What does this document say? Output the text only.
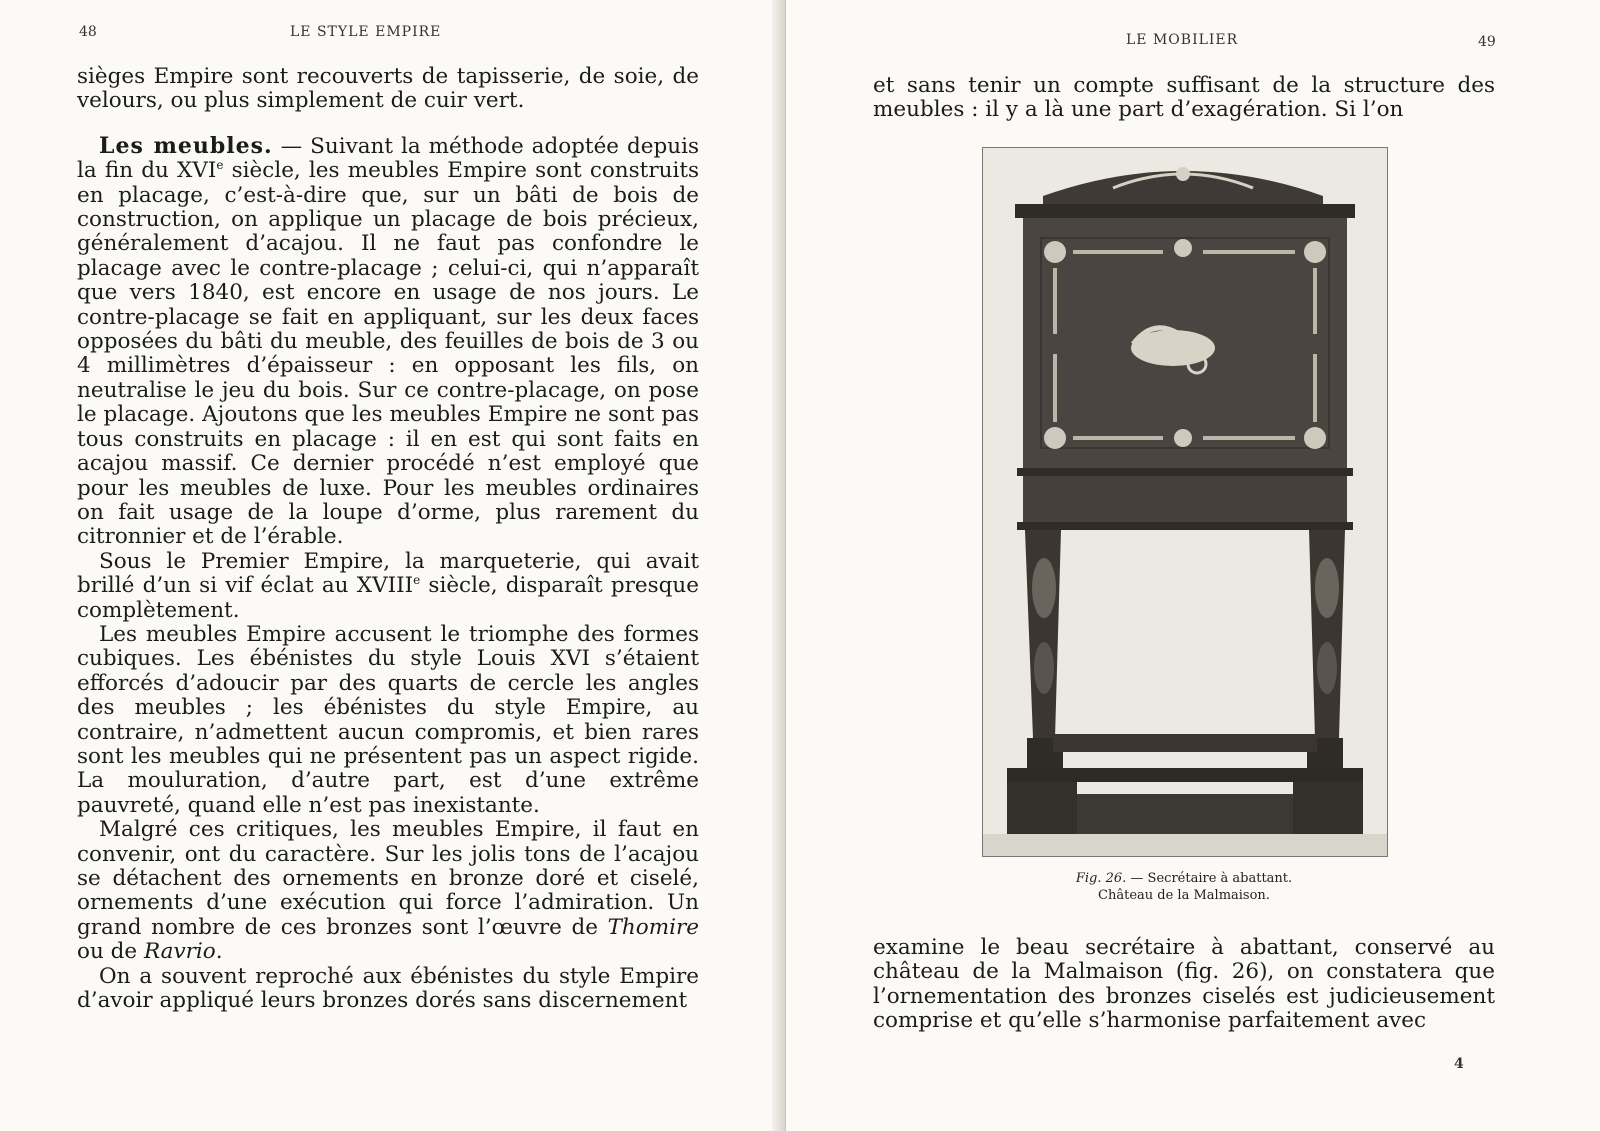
48	LE STYLE EMPIRE

sièges Empire sont recouverts de tapisserie, de soie, de velours, ou plus simplement de cuir vert.

Les meubles. — Suivant la méthode adoptée depuis la fin du XVIe siècle, les meubles Empire sont construits en placage, c’est-à-dire que, sur un bâti de bois de construction, on applique un placage de bois précieux, généralement d’acajou. Il ne faut pas confondre le placage avec le contre-placage ; celui-ci, qui n’apparaît que vers 1840, est encore en usage de nos jours. Le contre-placage se fait en appliquant, sur les deux faces opposées du bâti du meuble, des feuilles de bois de 3 ou 4 millimètres d’épaisseur : en opposant les fils, on neutralise le jeu du bois. Sur ce contre-placage, on pose le placage. Ajoutons que les meubles Empire ne sont pas tous construits en placage : il en est qui sont faits en acajou massif. Ce dernier procédé n’est employé que pour les meubles de luxe. Pour les meubles ordinaires on fait usage de la loupe d’orme, plus rarement du citronnier et de l’érable.

Sous le Premier Empire, la marqueterie, qui avait brillé d’un si vif éclat au XVIIIe siècle, disparaît presque complètement.

Les meubles Empire accusent le triomphe des formes cubiques. Les ébénistes du style Louis XVI s’étaient efforcés d’adoucir par des quarts de cercle les angles des meubles ; les ébénistes du style Empire, au contraire, n’admettent aucun compromis, et bien rares sont les meubles qui ne présentent pas un aspect rigide. La mouluration, d’autre part, est d’une extrême pauvreté, quand elle n’est pas inexistante.

Malgré ces critiques, les meubles Empire, il faut en convenir, ont du caractère. Sur les jolis tons de l’acajou se détachent des ornements en bronze doré et ciselé, ornements d’une exécution qui force l’admiration. Un grand nombre de ces bronzes sont l’œuvre de Thomire ou de Ravrio.

On a souvent reproché aux ébénistes du style Empire d’avoir appliqué leurs bronzes dorés sans discernement

LE MOBILIER	49

et sans tenir un compte suffisant de la structure des meubles : il y a là une part d’exagération. Si l’on

Fig. 26. — Secrétaire à abattant.
Château de la Malmaison.

examine le beau secrétaire à abattant, conservé au château de la Malmaison (fig. 26), on constatera que l’ornementation des bronzes ciselés est judicieusement comprise et qu’elle s’harmonise parfaitement avec

4
